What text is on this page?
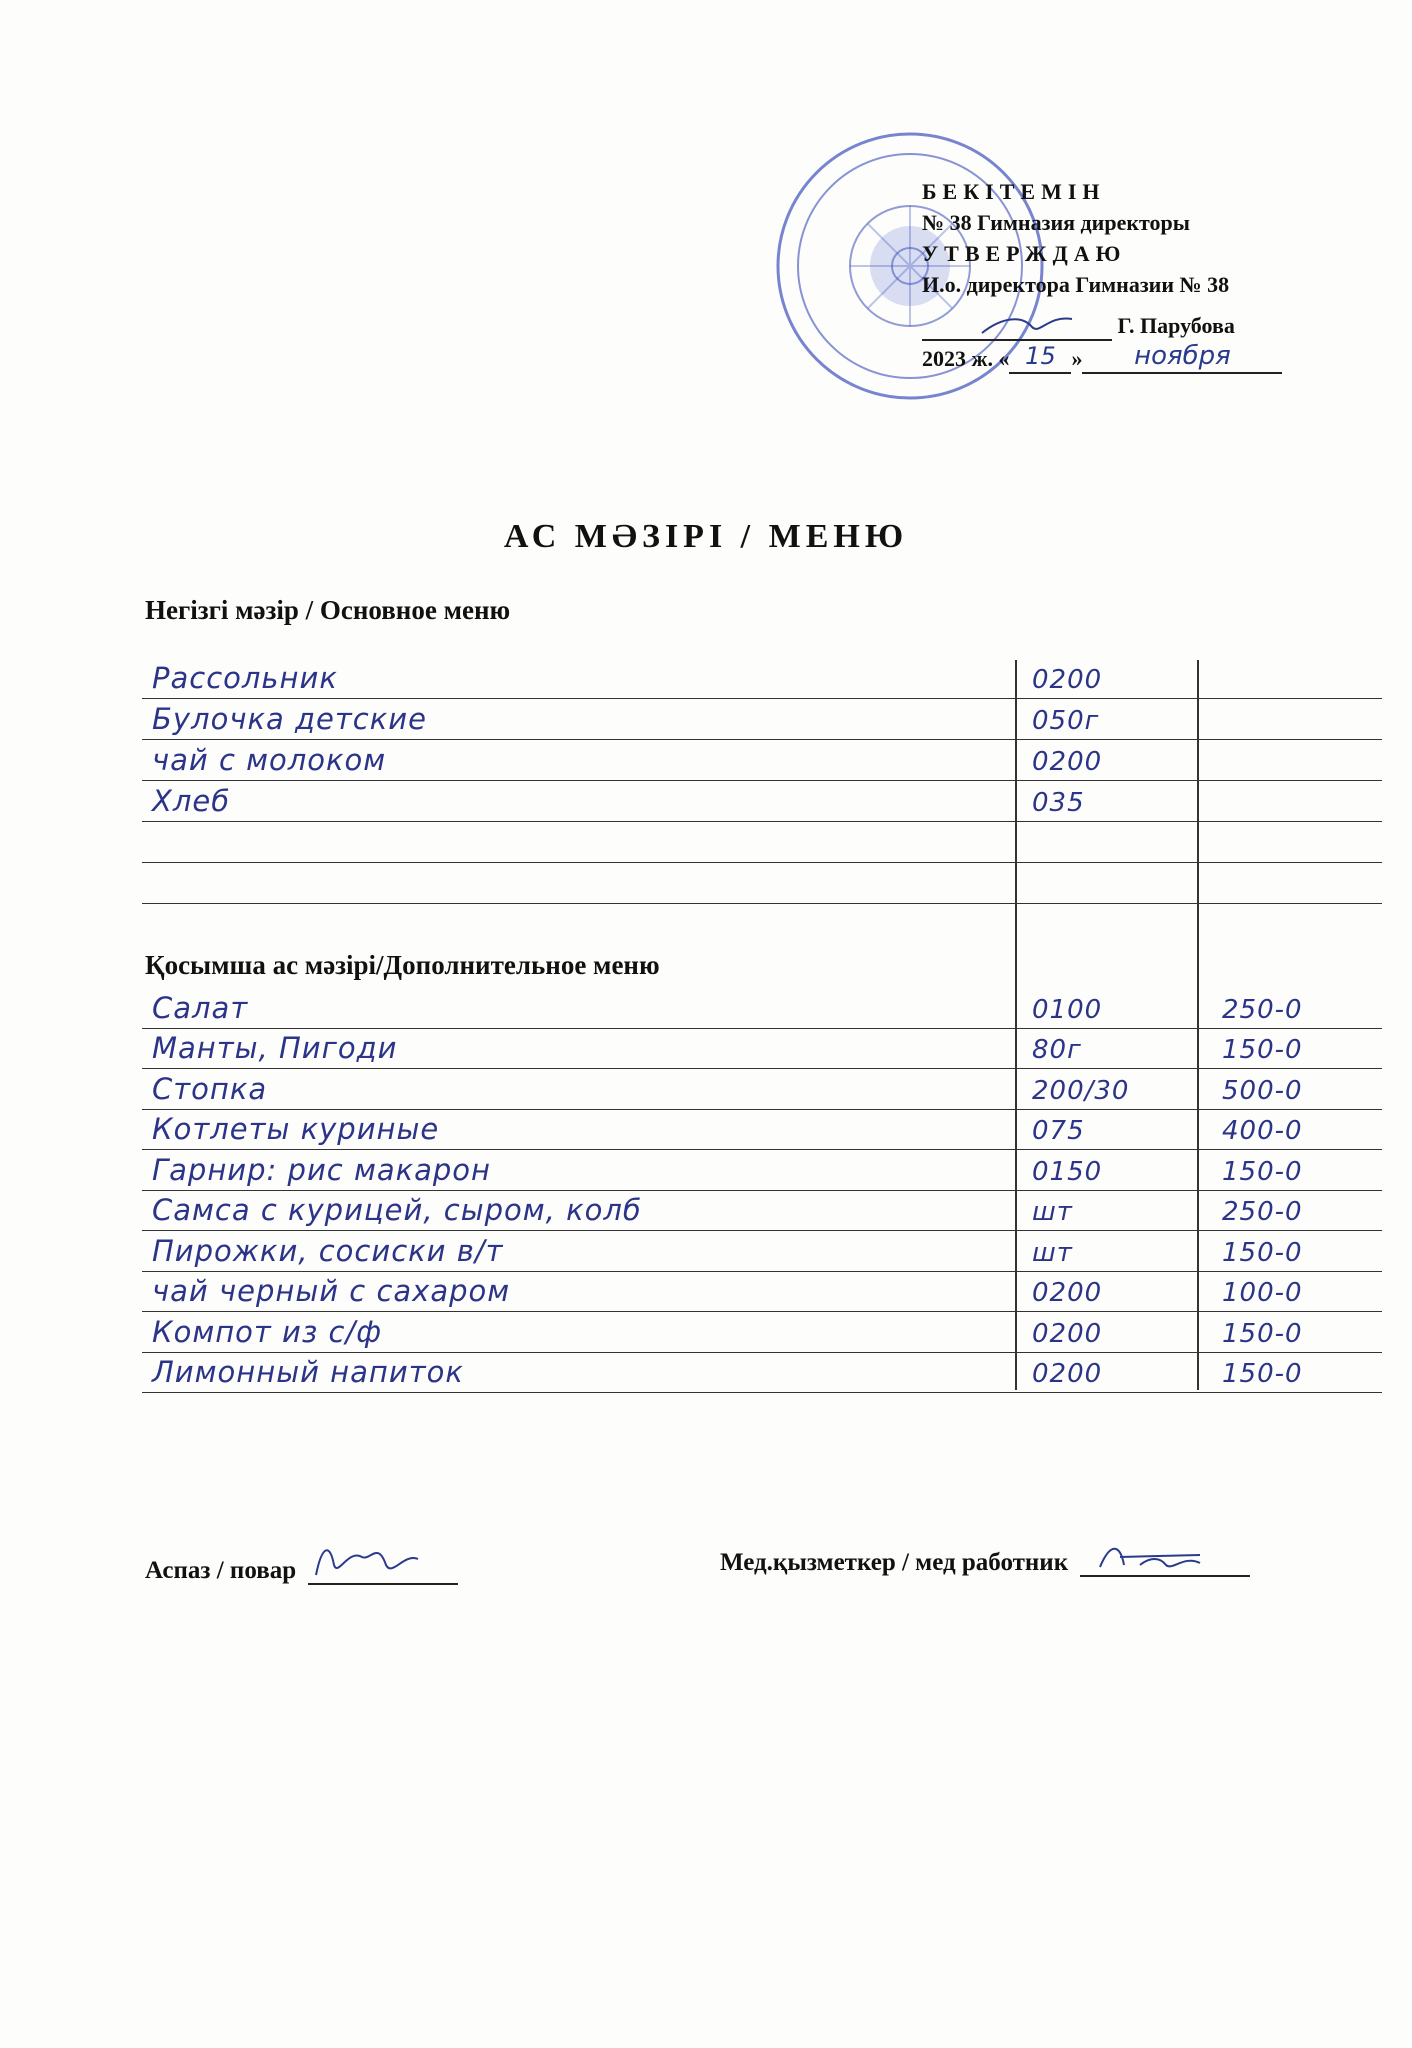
БЕКІТЕМІН
№ 38 Гимназия директоры
УТВЕРЖДАЮ
И.о. директора Гимназии № 38
Г. Парубова
2023 ж. « 15 » ноября
АС МӘЗІРІ / МЕНЮ
Негізгі мәзір / Основное меню
Рассольник	0200
Булочка детские	050г
чай с молоком	0200
Хлеб	035
Қосымша ас мәзірі/Дополнительное меню
Салат	0100	250-0
Манты, Пигоди	80г	150-0
Стопка	200/30	500-0
Котлеты куриные	075	400-0
Гарнир: рис макарон	0150	150-0
Самса с курицей, сыром, колб	шт	250-0
Пирожки, сосиски в/т	шт	150-0
чай черный с сахаром	0200	100-0
Компот из с/ф	0200	150-0
Лимонный напиток	0200	150-0
Аспаз / повар	Мед.қызметкер / мед работник
